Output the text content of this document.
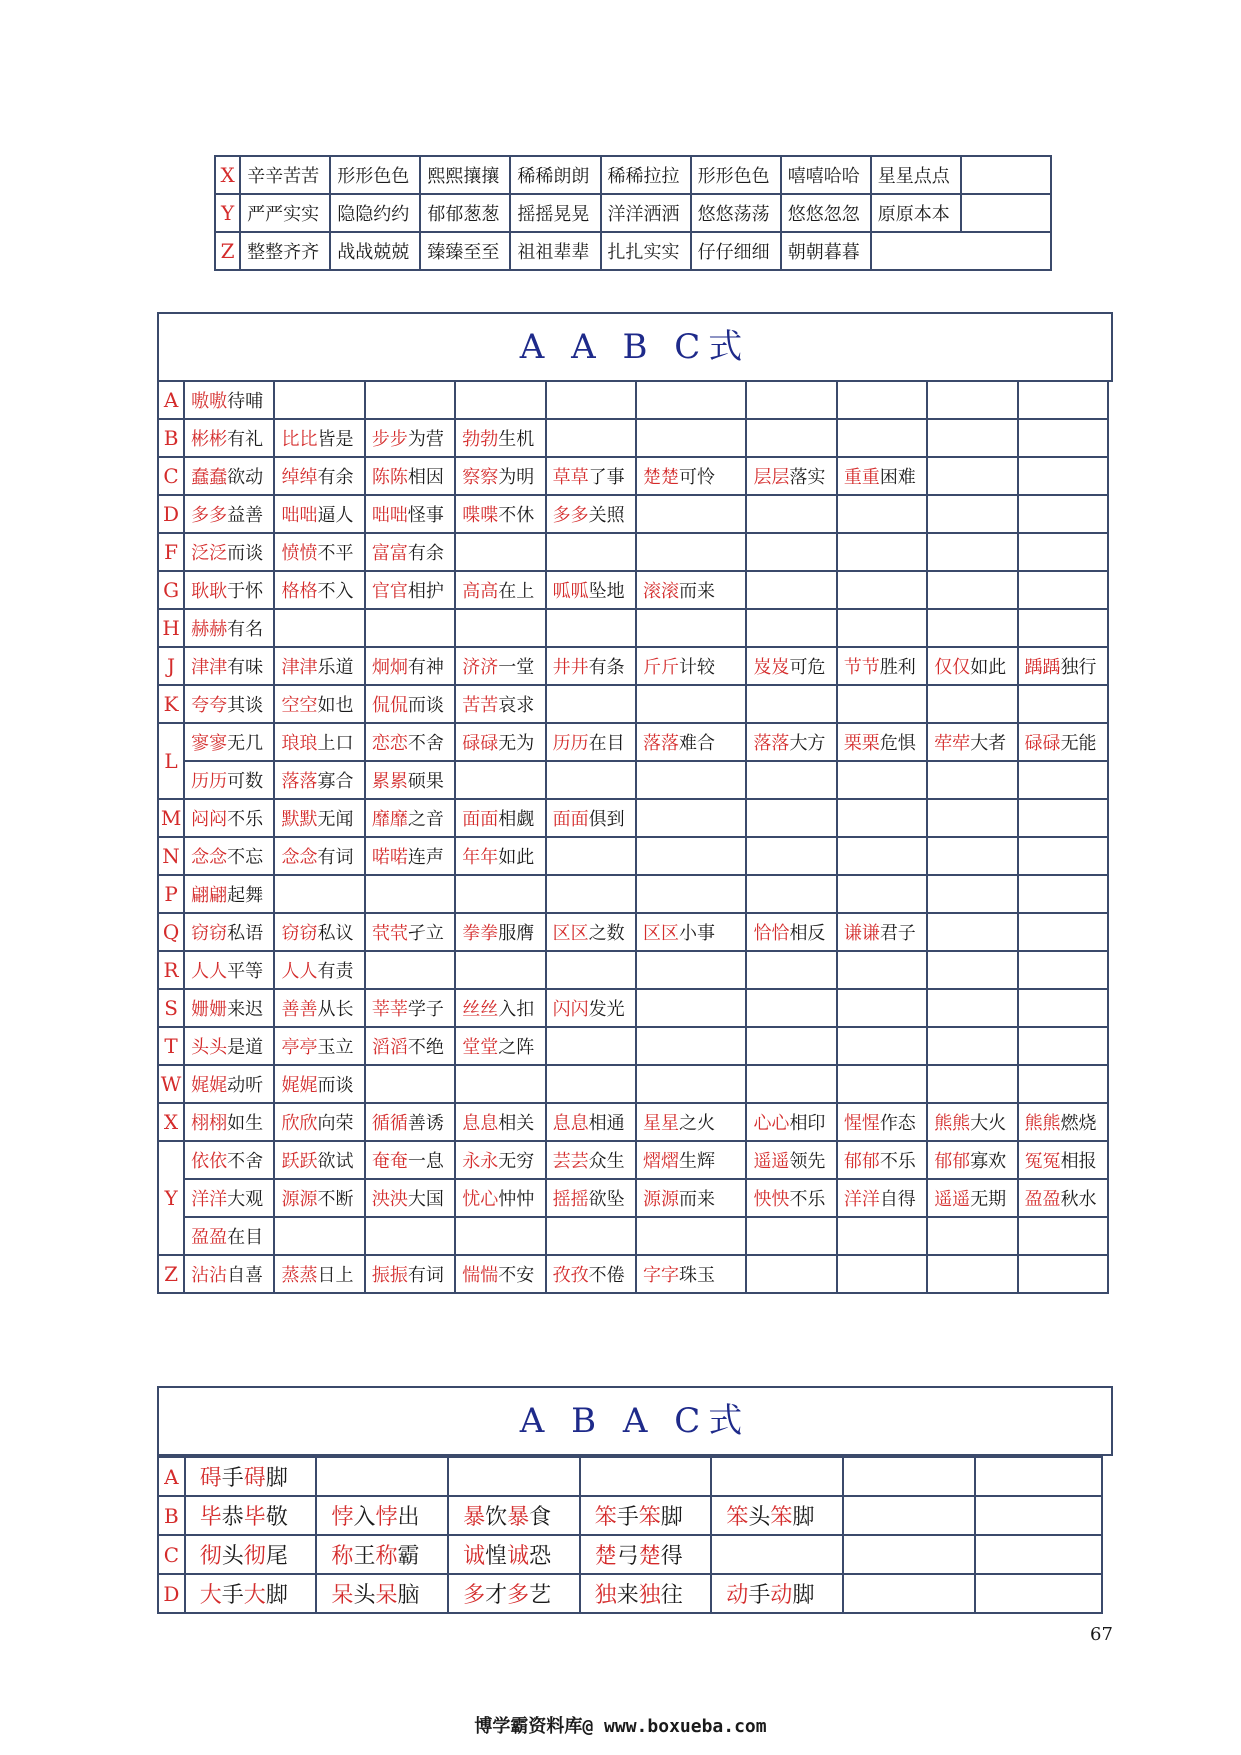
X	辛辛苦苦	形形色色	熙熙攘攘	稀稀朗朗	稀稀拉拉	形形色色	嘻嘻哈哈	星星点点	
Y	严严实实	隐隐约约	郁郁葱葱	摇摇晃晃	洋洋洒洒	悠悠荡荡	悠悠忽忽	原原本本	
Z	整整齐齐	战战兢兢	臻臻至至	祖祖辈辈	扎扎实实	仔仔细细	朝朝暮暮		
A A B C式
A	嗷嗷待哺									
B	彬彬有礼	比比皆是	步步为营	勃勃生机						
C	蠢蠢欲动	绰绰有余	陈陈相因	察察为明	草草了事	楚楚可怜	层层落实	重重困难		
D	多多益善	咄咄逼人	咄咄怪事	喋喋不休	多多关照					
F	泛泛而谈	愤愤不平	富富有余							
G	耿耿于怀	格格不入	官官相护	高高在上	呱呱坠地	滚滚而来				
H	赫赫有名									
J	津津有味	津津乐道	炯炯有神	济济一堂	井井有条	斤斤计较	岌岌可危	节节胜利	仅仅如此	踽踽独行
K	夸夸其谈	空空如也	侃侃而谈	苦苦哀求						
L	寥寥无几	琅琅上口	恋恋不舍	碌碌无为	历历在目	落落难合	落落大方	栗栗危惧	荦荦大者	碌碌无能
	历历可数	落落寡合	累累硕果							
M	闷闷不乐	默默无闻	靡靡之音	面面相觑	面面俱到					
N	念念不忘	念念有词	喏喏连声	年年如此						
P	翩翩起舞									
Q	窃窃私语	窃窃私议	茕茕孑立	拳拳服膺	区区之数	区区小事	恰恰相反	谦谦君子		
R	人人平等	人人有责								
S	姗姗来迟	善善从长	莘莘学子	丝丝入扣	闪闪发光					
T	头头是道	亭亭玉立	滔滔不绝	堂堂之阵						
W	娓娓动听	娓娓而谈								
X	栩栩如生	欣欣向荣	循循善诱	息息相关	息息相通	星星之火	心心相印	惺惺作态	熊熊大火	熊熊燃烧
Y	依依不舍	跃跃欲试	奄奄一息	永永无穷	芸芸众生	熠熠生辉	遥遥领先	郁郁不乐	郁郁寡欢	冤冤相报
	洋洋大观	源源不断	泱泱大国	忧心忡忡	摇摇欲坠	源源而来	怏怏不乐	洋洋自得	遥遥无期	盈盈秋水
	盈盈在目									
Z	沾沾自喜	蒸蒸日上	振振有词	惴惴不安	孜孜不倦	字字珠玉				
A B A C式
A	碍手碍脚						
B	毕恭毕敬	悖入悖出	暴饮暴食	笨手笨脚	笨头笨脚		
C	彻头彻尾	称王称霸	诚惶诚恐	楚弓楚得			
D	大手大脚	呆头呆脑	多才多艺	独来独往	动手动脚		
67
博学霸资料库@ www.boxueba.com
